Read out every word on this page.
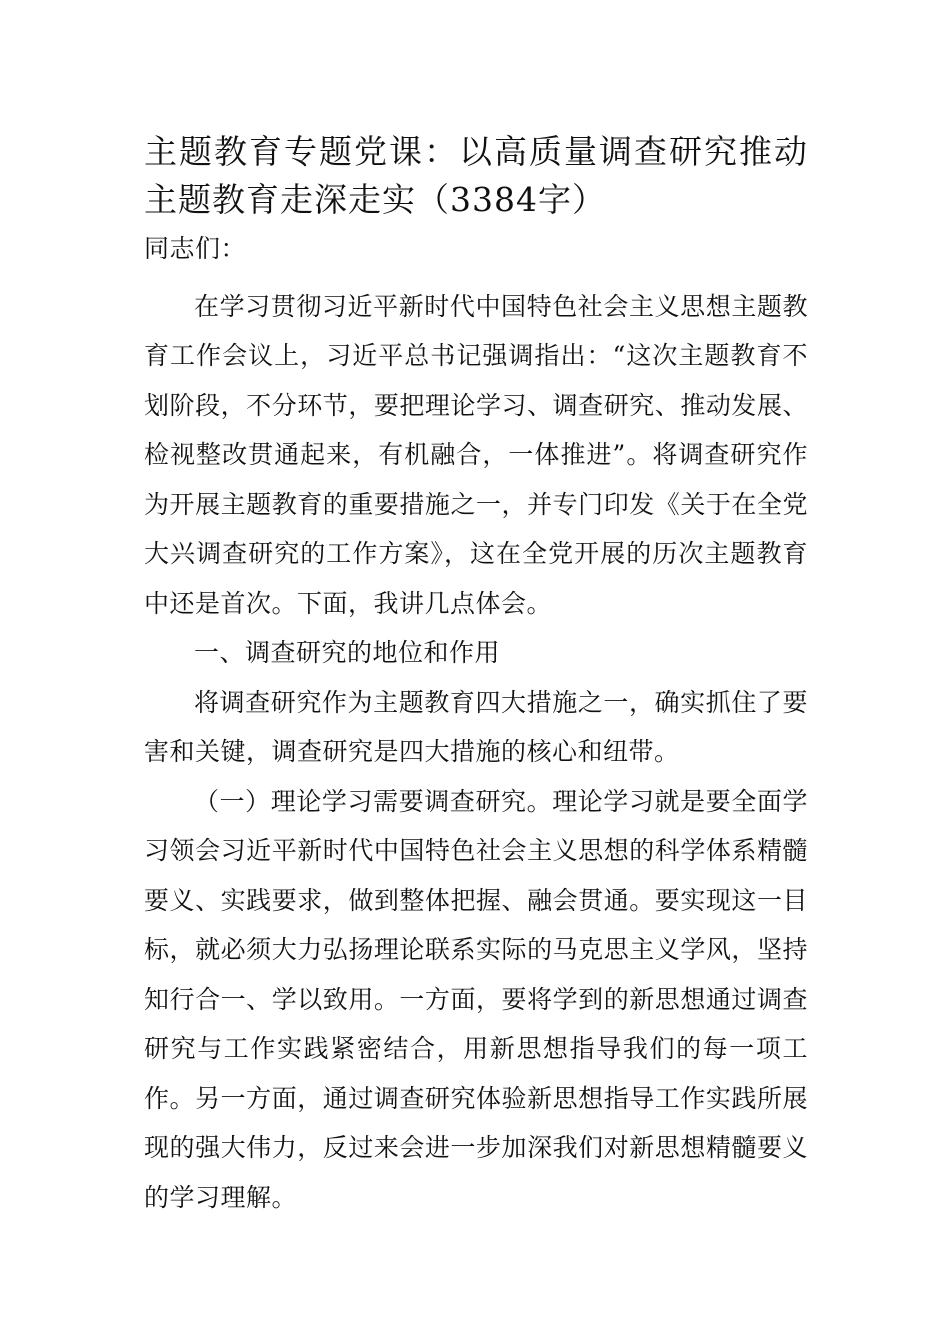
主题教育专题党课：以高质量调查研究推动主题教育走深走实（3384字）

同志们：

在学习贯彻习近平新时代中国特色社会主义思想主题教育工作会议上，习近平总书记强调指出：“这次主题教育不划阶段，不分环节，要把理论学习、调查研究、推动发展、检视整改贯通起来，有机融合，一体推进”。将调查研究作为开展主题教育的重要措施之一，并专门印发《关于在全党大兴调查研究的工作方案》，这在全党开展的历次主题教育中还是首次。下面，我讲几点体会。

一、调查研究的地位和作用

将调查研究作为主题教育四大措施之一，确实抓住了要害和关键，调查研究是四大措施的核心和纽带。

（一）理论学习需要调查研究。理论学习就是要全面学习领会习近平新时代中国特色社会主义思想的科学体系精髓要义、实践要求，做到整体把握、融会贯通。要实现这一目标，就必须大力弘扬理论联系实际的马克思主义学风，坚持知行合一、学以致用。一方面，要将学到的新思想通过调查研究与工作实践紧密结合，用新思想指导我们的每一项工作。另一方面，通过调查研究体验新思想指导工作实践所展现的强大伟力，反过来会进一步加深我们对新思想精髓要义的学习理解。
